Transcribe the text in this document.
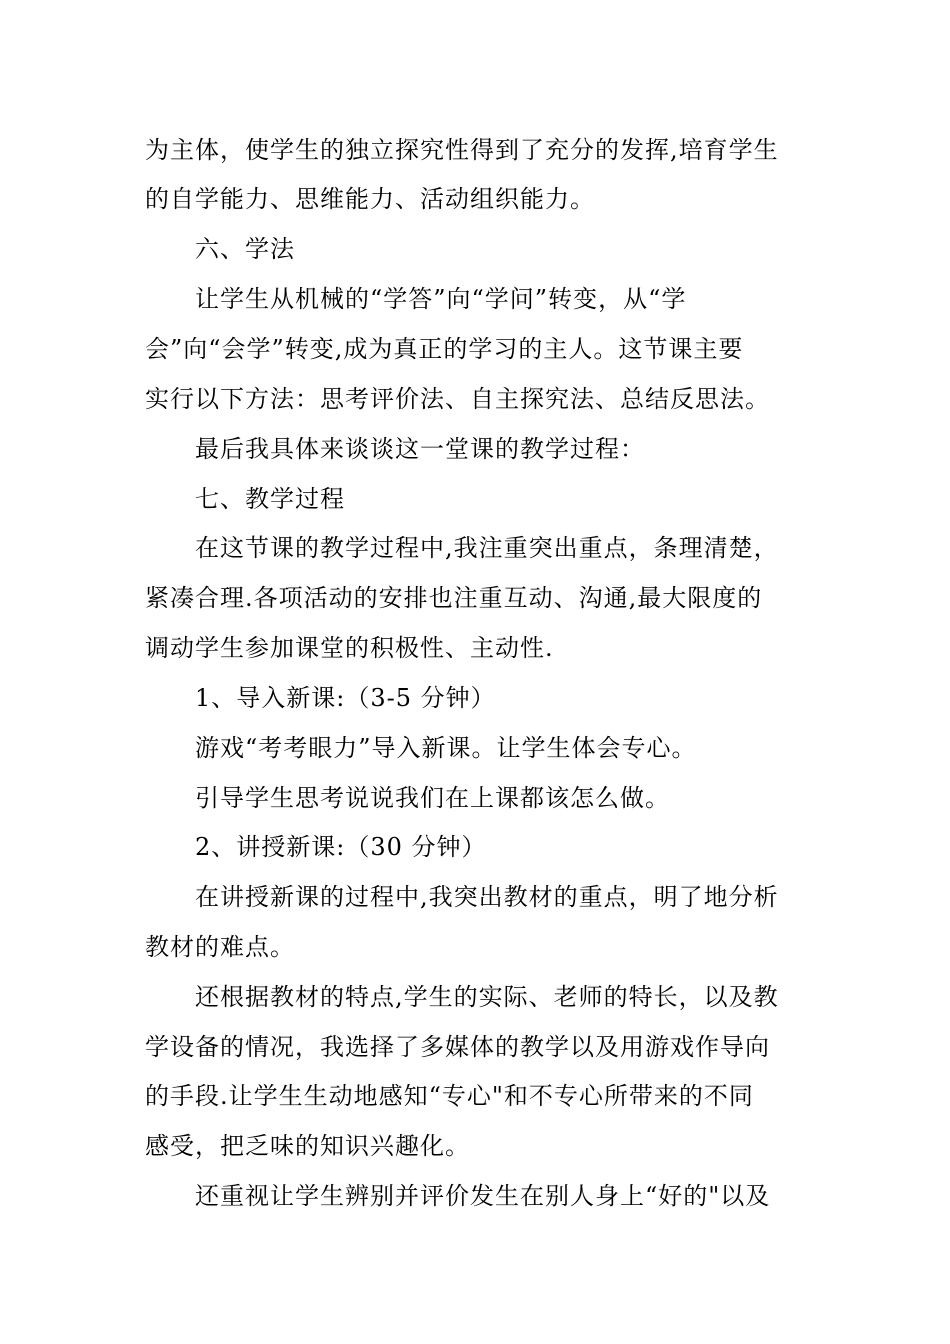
为主体，使学生的独立探究性得到了充分的发挥,培育学生
的自学能力、思维能力、活动组织能力。
六、学法
让学生从机械的“学答”向“学问”转变，从“学
会”向“会学”转变,成为真正的学习的主人。这节课主要
实行以下方法：思考评价法、自主探究法、总结反思法。
最后我具体来谈谈这一堂课的教学过程：
七、教学过程
在这节课的教学过程中,我注重突出重点，条理清楚，
紧凑合理.各项活动的安排也注重互动、沟通,最大限度的
调动学生参加课堂的积极性、主动性.
1、导入新课:（3-5 分钟）
游戏“考考眼力”导入新课。让学生体会专心。
引导学生思考说说我们在上课都该怎么做。
2、讲授新课:（30 分钟）
在讲授新课的过程中,我突出教材的重点，明了地分析
教材的难点。
还根据教材的特点,学生的实际、老师的特长，以及教
学设备的情况，我选择了多媒体的教学以及用游戏作导向
的手段.让学生生动地感知“专心"和不专心所带来的不同
感受，把乏味的知识兴趣化。
还重视让学生辨别并评价发生在别人身上“好的"以及
